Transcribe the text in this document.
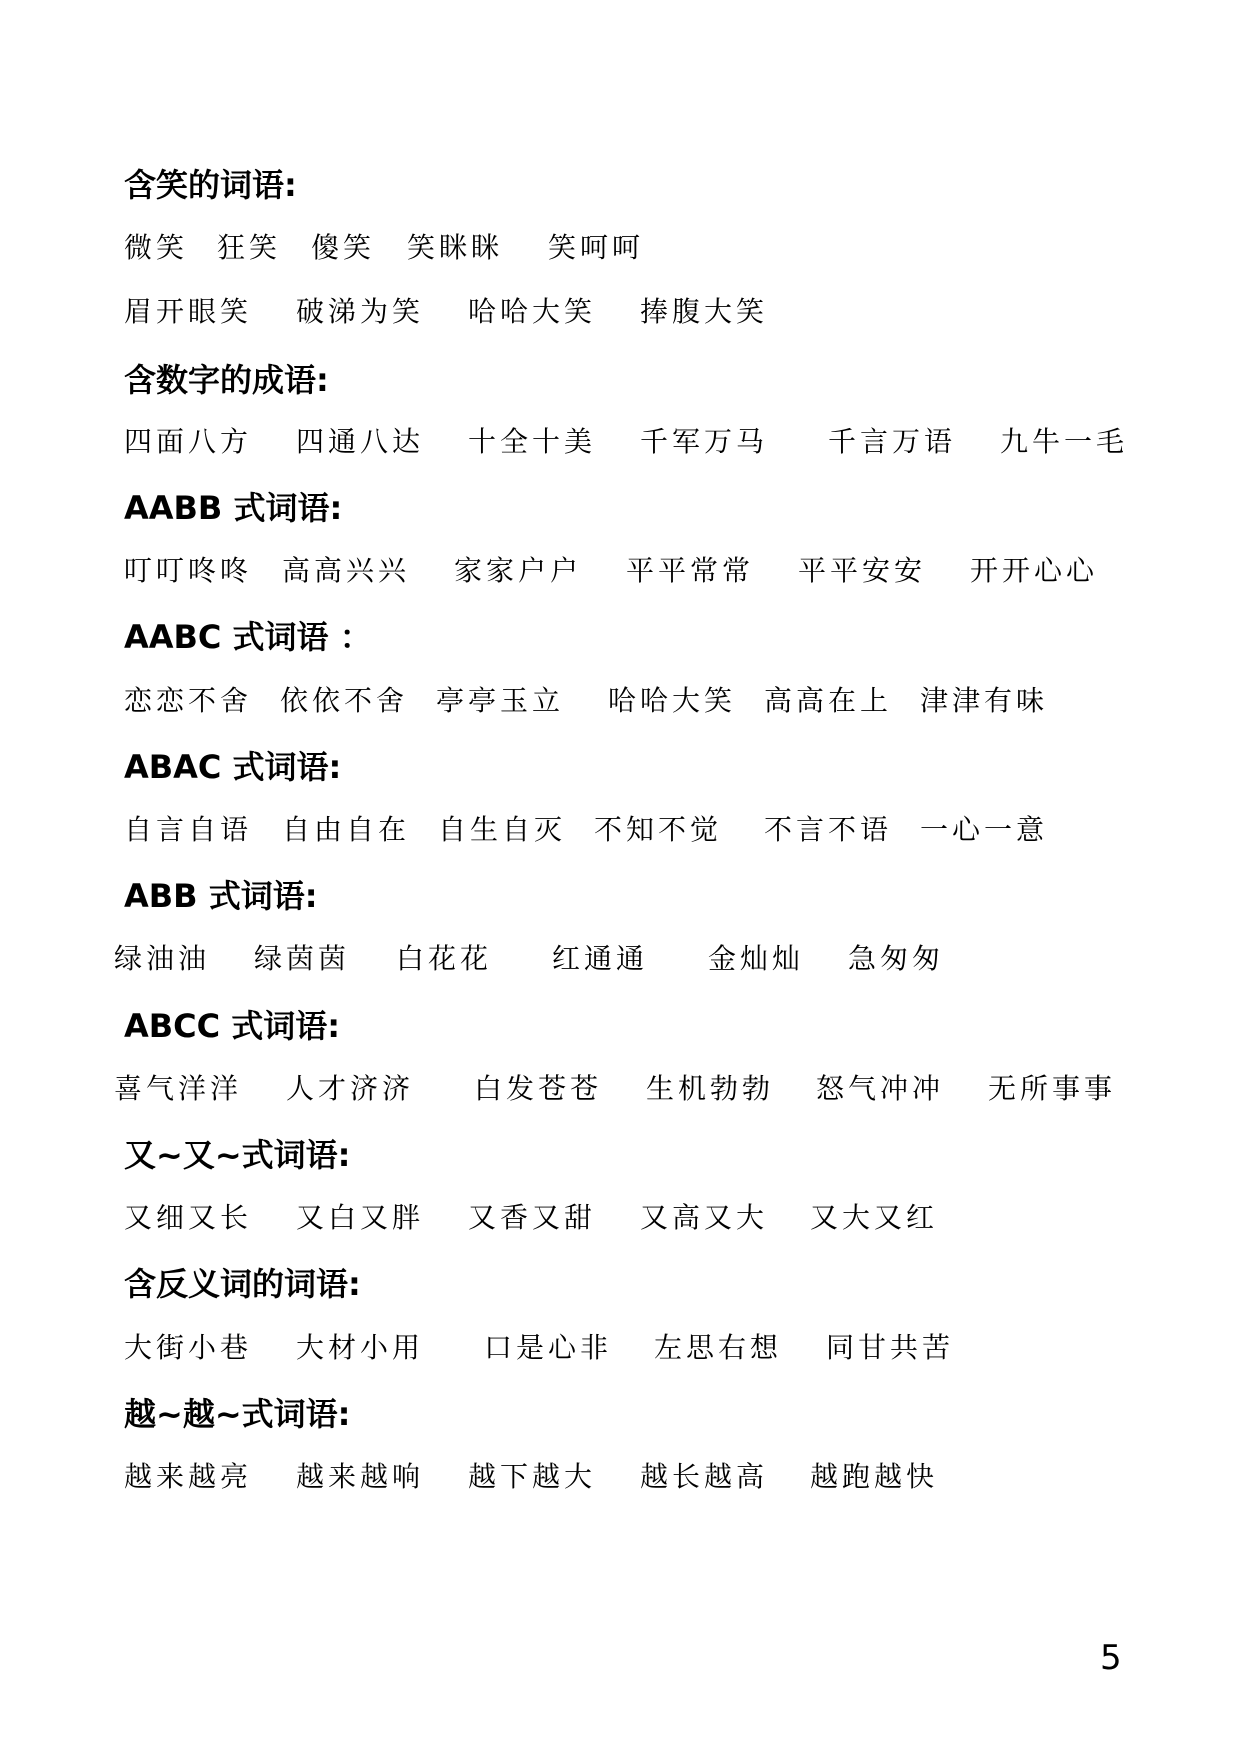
含笑的词语:
微笑 狂笑 傻笑 笑眯眯 笑呵呵
眉开眼笑 破涕为笑 哈哈大笑 捧腹大笑
含数字的成语:
四面八方 四通八达 十全十美 千军万马 千言万语 九牛一毛
AABB 式词语:
叮叮咚咚 高高兴兴 家家户户 平平常常 平平安安 开开心心
AABC 式词语 ：
恋恋不舍 依依不舍 亭亭玉立 哈哈大笑 高高在上 津津有味
ABAC 式词语:
自言自语 自由自在 自生自灭 不知不觉 不言不语 一心一意
ABB 式词语:
绿油油 绿茵茵 白花花 红通通 金灿灿 急匆匆
ABCC 式词语:
喜气洋洋 人才济济 白发苍苍 生机勃勃 怒气冲冲 无所事事
又~又~式词语:
又细又长 又白又胖 又香又甜 又高又大 又大又红
含反义词的词语:
大街小巷 大材小用 口是心非 左思右想 同甘共苦
越~越~式词语:
越来越亮 越来越响 越下越大 越长越高 越跑越快
5
